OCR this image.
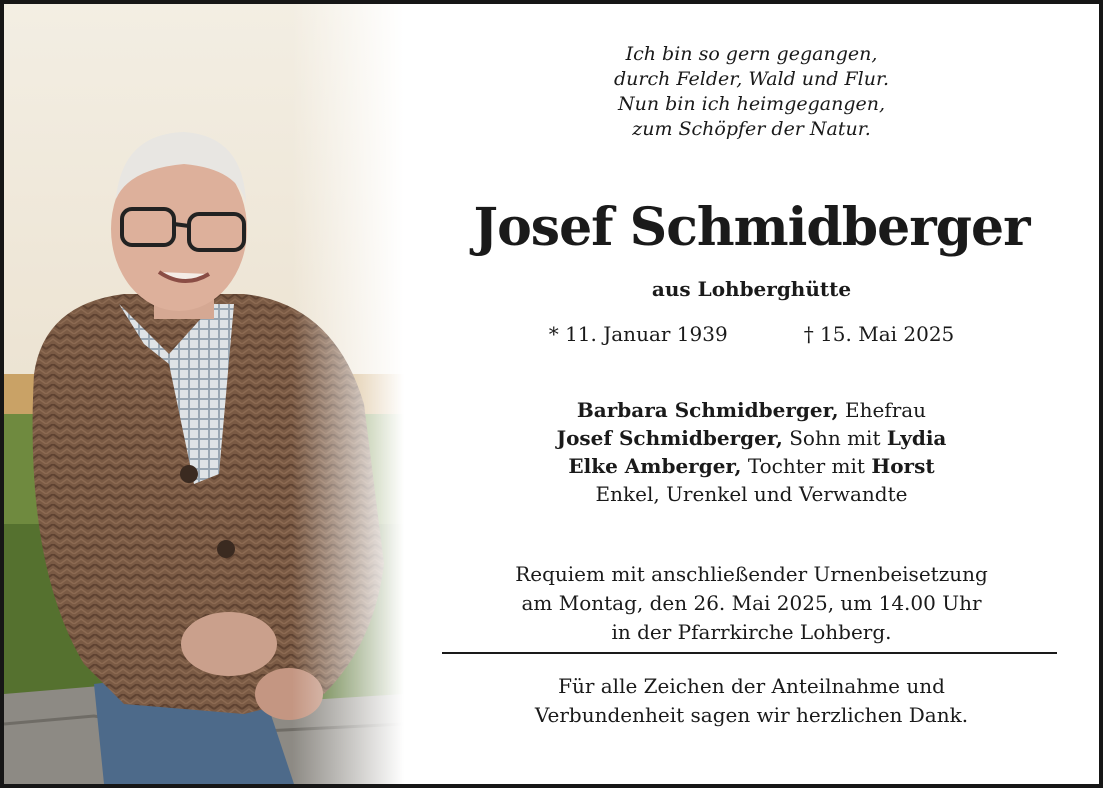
Ich bin so gern gegangen,
durch Felder, Wald und Flur.
Nun bin ich heimgegangen,
zum Schöpfer der Natur.
Josef Schmidberger
aus Lohberghütte
* 11. Januar 1939	† 15. Mai 2025
Barbara Schmidberger, Ehefrau
Josef Schmidberger, Sohn mit Lydia
Elke Amberger, Tochter mit Horst
Enkel, Urenkel und Verwandte
Requiem mit anschließender Urnenbeisetzung
am Montag, den 26. Mai 2025, um 14.00 Uhr
in der Pfarrkirche Lohberg.
Für alle Zeichen der Anteilnahme und
Verbundenheit sagen wir herzlichen Dank.
